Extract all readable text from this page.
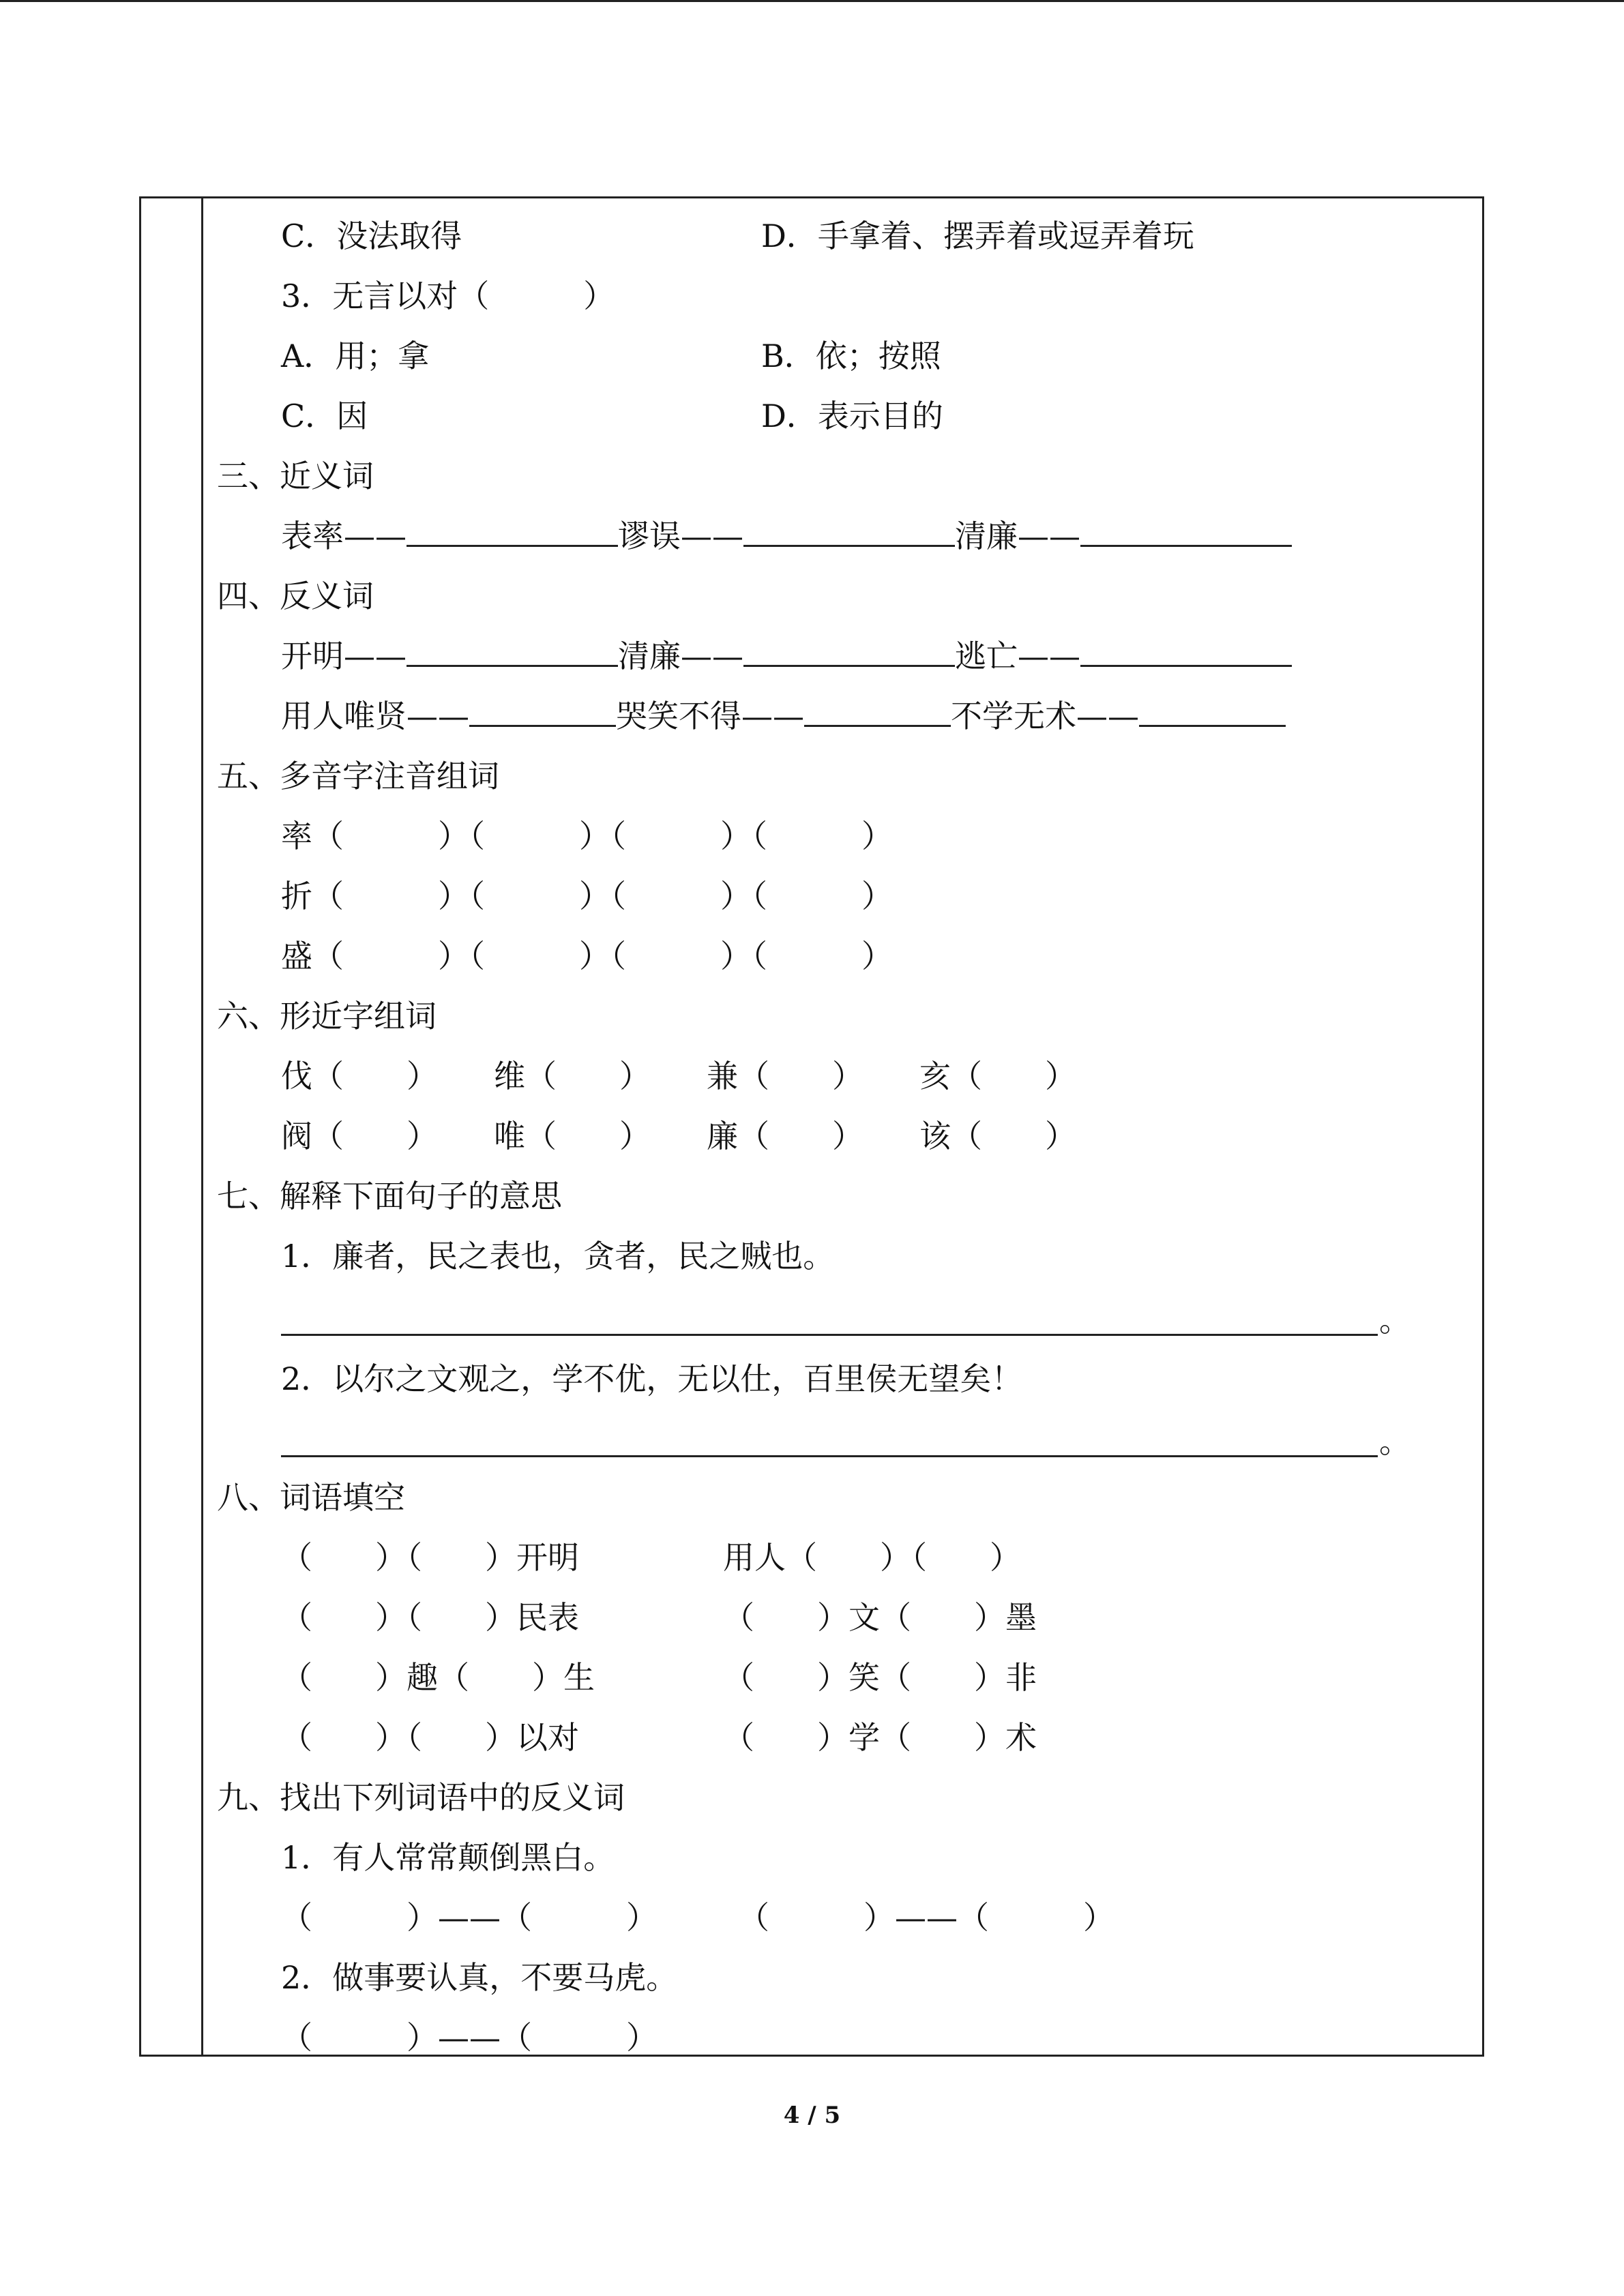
C．没法取得	D．手拿着、摆弄着或逗弄着玩
3．无言以对（　　　）
A．用；拿	B．依；按照
C．因	D．表示目的
三、近义词
表率——	谬误——	清廉——
四、反义词
开明——	清廉——	逃亡——
用人唯贤——	哭笑不得——	不学无术——
五、多音字注音组词
率（　　　）（　　　）（　　　）（　　　）
折（　　　）（　　　）（　　　）（　　　）
盛（　　　）（　　　）（　　　）（　　　）
六、形近字组词
伐（　　） 维（　　） 兼（　　） 亥（　　）
阀（　　） 唯（　　） 廉（　　） 该（　　）
七、解释下面句子的意思
1．廉者，民之表也，贪者，民之贼也。
。
2．以尔之文观之，学不优，无以仕，百里侯无望矣！
。
八、词语填空
（　　）（　　）开明	用人（　　）（　　）
（　　）（　　）民表	（　　）文（　　）墨
（　　）趣（　　）生	（　　）笑（　　）非
（　　）（　　）以对	（　　）学（　　）术
九、找出下列词语中的反义词
1．有人常常颠倒黑白。
（　　　）——（　　　）	（　　　）——（　　　）
2．做事要认真，不要马虎。
（　　　）——（　　　）
4 / 5
